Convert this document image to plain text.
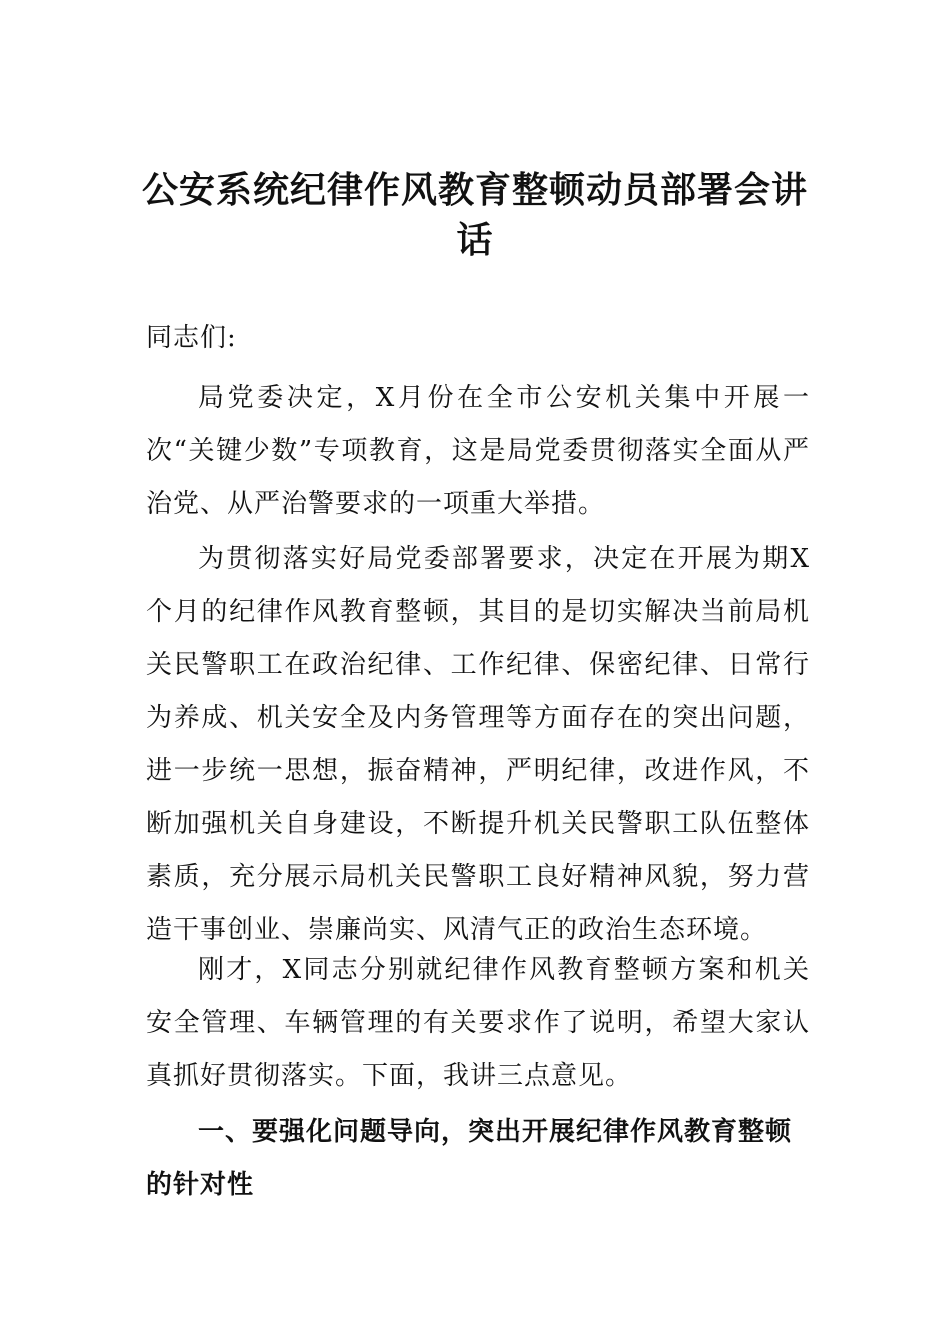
公安系统纪律作风教育整顿动员部署会讲话

同志们:

局党委决定，X月份在全市公安机关集中开展一次“关键少数”专项教育，这是局党委贯彻落实全面从严治党、从严治警要求的一项重大举措。

为贯彻落实好局党委部署要求，决定在开展为期X个月的纪律作风教育整顿，其目的是切实解决当前局机关民警职工在政治纪律、工作纪律、保密纪律、日常行为养成、机关安全及内务管理等方面存在的突出问题，进一步统一思想，振奋精神，严明纪律，改进作风，不断加强机关自身建设，不断提升机关民警职工队伍整体素质，充分展示局机关民警职工良好精神风貌，努力营造干事创业、崇廉尚实、风清气正的政治生态环境。

刚才，X同志分别就纪律作风教育整顿方案和机关安全管理、车辆管理的有关要求作了说明，希望大家认真抓好贯彻落实。下面，我讲三点意见。

一、要强化问题导向，突出开展纪律作风教育整顿的针对性
